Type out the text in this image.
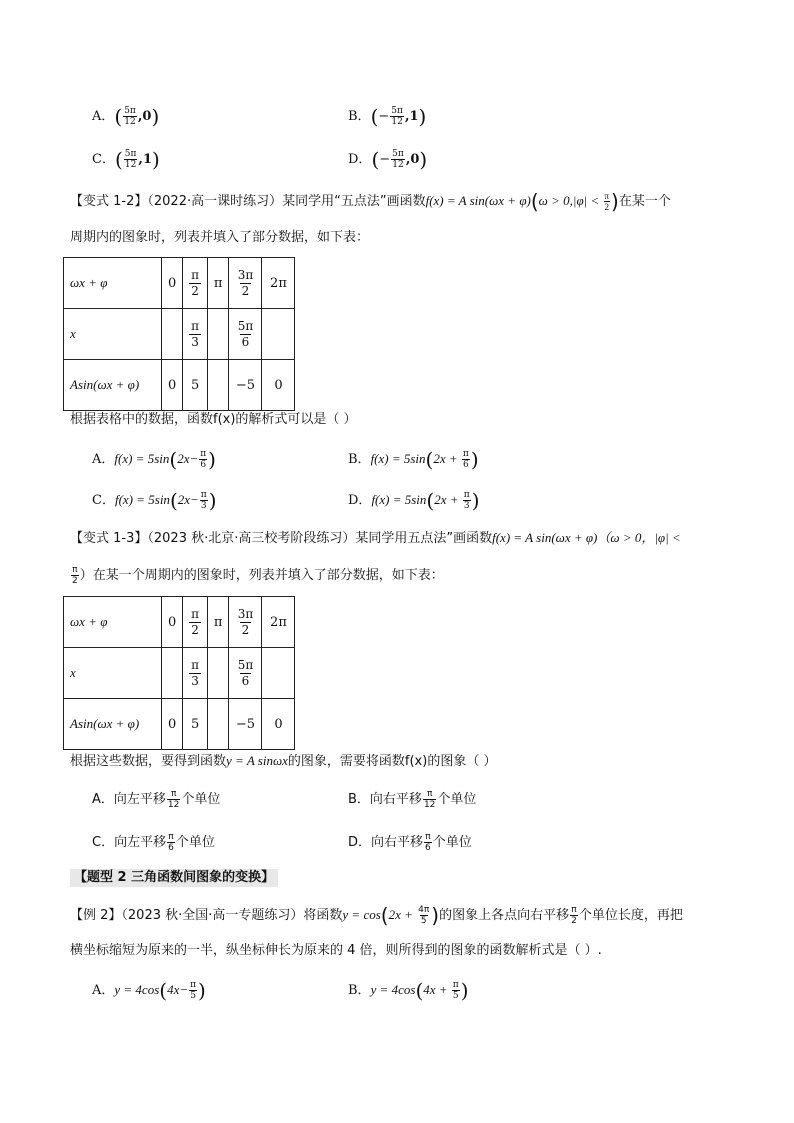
A．( $\frac{5\pi}{12} ,0$)	B．(− $\frac{5\pi}{12} ,1$)
C．( $\frac{5\pi}{12} ,1$)	D．(− $\frac{5\pi}{12} ,0$)
【变式 1-2】（2022·高一课时练习）某同学用“五点法”画函数f(x) = A $\sin(\omega x + \varphi)(\omega > 0,|\varphi| < \frac{\pi}{2}$ )在某一个
周期内的图象时，列表并填入了部分数据，如下表：
ωx + φ	0	$\frac{\pi}{2}$	π	$\frac{3\pi}{2}$	2π
x		$\frac{\pi}{3}$		$\frac{5\pi}{6}$

Asin(ωx + φ)	0	5		−5	0
根据表格中的数据，函数f(x)的解析式可以是（ ）
A．$f(x) = 5\sin(2x- \frac{\pi}{6}$ )	B．$f(x) = 5\sin(2x + \frac{\pi}{6}$ )
C．$f(x) = 5\sin(2x- \frac{\pi}{3}$ )	D．$f(x) = 5\sin(2x + \frac{\pi}{3}$ )
【变式 1-3】（2023 秋·北京·高三校考阶段练习）某同学用五点法”画函数f(x) = A sin(ωx + φ)（ω > 0，|φ| <
$\frac{\pi}{2}$ ）在某一个周期内的图象时，列表并填入了部分数据，如下表：
ωx + φ	0	$\frac{\pi}{2}$	π	$\frac{3\pi}{2}$	2π
x		$\frac{\pi}{3}$		$\frac{5\pi}{6}$

Asin(ωx + φ)	0	5		−5	0
根据这些数据，要得到函数y = A sinωx的图象，需要将函数f(x)的图象（ ）
A．向左平移 $\frac{\pi}{12}$ 个单位	B．向右平移 $\frac{\pi}{12}$ 个单位
C．向左平移 $\frac{\pi}{6}$ 个单位	D．向右平移 $\frac{\pi}{6}$ 个单位
【题型 2 三角函数间图象的变换】
【例 2】（2023 秋·全国·高一专题练习）将函数$y = \cos(2x + \frac{4\pi}{5}$ )的图象上各点向右平移 $\frac{\pi}{2}$ 个单位长度，再把
横坐标缩短为原来的一半，纵坐标伸长为原来的 4 倍，则所得到的图象的函数解析式是（ ）.
A．$y = 4\cos(4x- \frac{\pi}{5}$ )	B．$y = 4\cos(4x + \frac{\pi}{5}$ )
